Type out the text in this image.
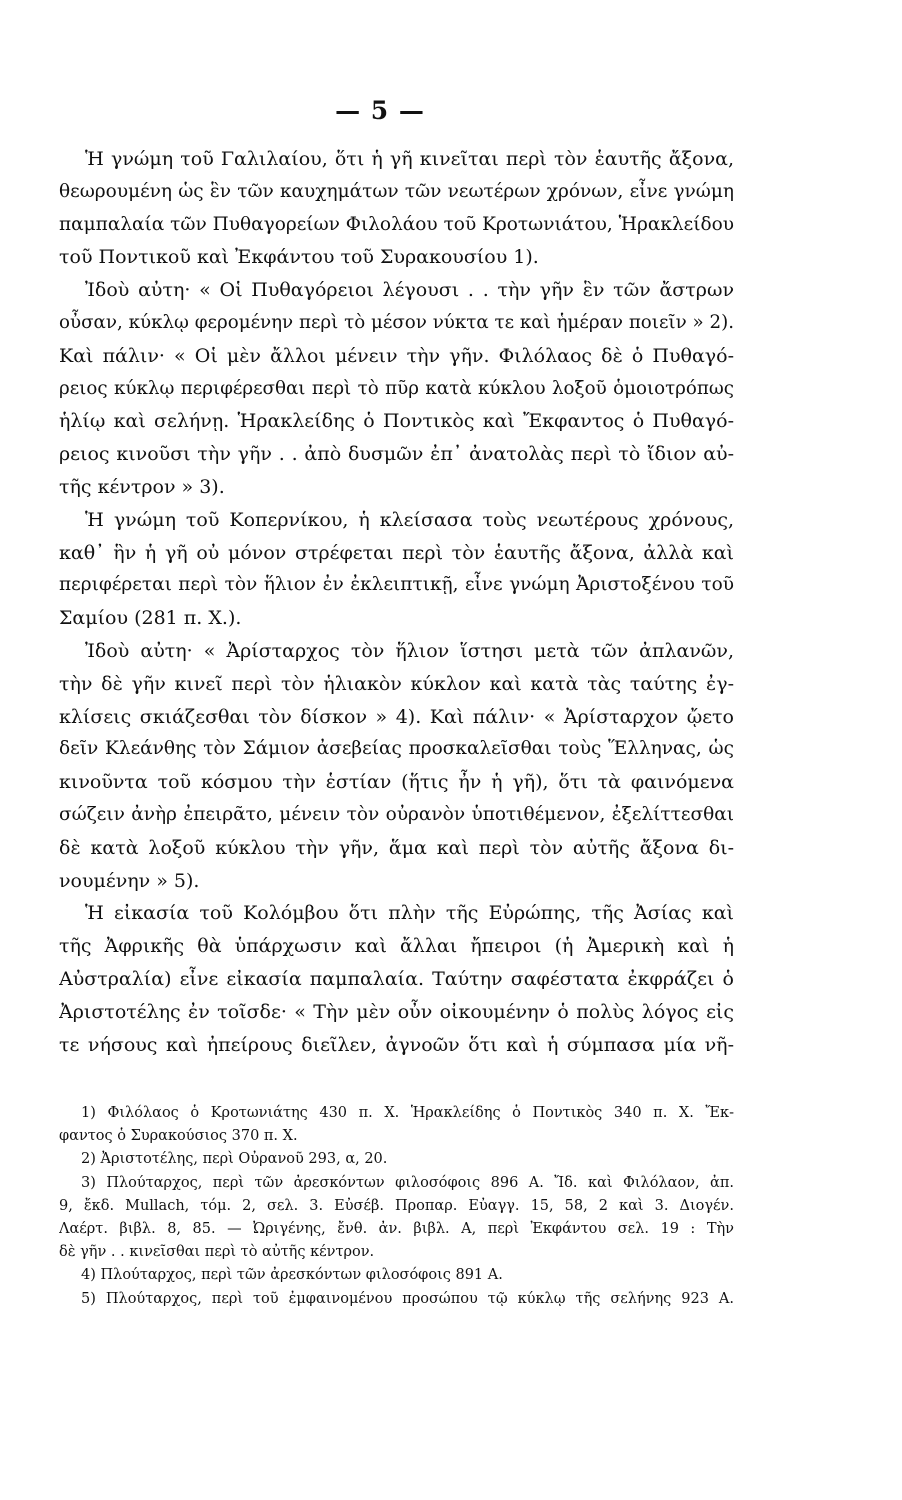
— 5 —
Ἡ γνώμη τοῦ Γαλιλαίου, ὅτι ἡ γῆ κινεῖται περὶ τὸν ἑαυτῆς ἄξονα,
θεωρουμένη ὡς ἓν τῶν καυχημάτων τῶν νεωτέρων χρόνων, εἶνε γνώμη
παμπαλαία τῶν Πυθαγορείων Φιλολάου τοῦ Κροτωνιάτου, Ἡρακλείδου
τοῦ Ποντικοῦ καὶ Ἐκφάντου τοῦ Συρακουσίου 1).
Ἰδοὺ αὐτη· « Οἱ Πυθαγόρειοι λέγουσι . . τὴν γῆν ἓν τῶν ἄστρων
οὖσαν, κύκλῳ φερομένην περὶ τὸ μέσον νύκτα τε καὶ ἡμέραν ποιεῖν » 2).
Καὶ πάλιν· « Οἱ μὲν ἄλλοι μένειν τὴν γῆν. Φιλόλαος δὲ ὁ Πυθαγό-
ρειος κύκλῳ περιφέρεσθαι περὶ τὸ πῦρ κατὰ κύκλου λοξοῦ ὁμοιοτρόπως
ἡλίῳ καὶ σελήνῃ. Ἡρακλείδης ὁ Ποντικὸς καὶ Ἔκφαντος ὁ Πυθαγό-
ρειος κινοῦσι τὴν γῆν . . ἀπὸ δυσμῶν ἐπ᾽ ἀνατολὰς περὶ τὸ ἴδιον αὐ-
τῆς κέντρον » 3).
Ἡ γνώμη τοῦ Κοπερνίκου, ἡ κλείσασα τοὺς νεωτέρους χρόνους,
καθ᾽ ἣν ἡ γῆ οὐ μόνον στρέφεται περὶ τὸν ἑαυτῆς ἄξονα, ἀλλὰ καὶ
περιφέρεται περὶ τὸν ἥλιον ἐν ἐκλειπτικῇ, εἶνε γνώμη Ἀριστοξένου τοῦ
Σαμίου (281 π. Χ.).
Ἰδοὺ αὐτη· « Ἀρίσταρχος τὸν ἥλιον ἵστησι μετὰ τῶν ἀπλανῶν,
τὴν δὲ γῆν κινεῖ περὶ τὸν ἡλιακὸν κύκλον καὶ κατὰ τὰς ταύτης ἐγ-
κλίσεις σκιάζεσθαι τὸν δίσκον » 4). Καὶ πάλιν· « Ἀρίσταρχον ᾤετο
δεῖν Κλεάνθης τὸν Σάμιον ἀσεβείας προσκαλεῖσθαι τοὺς Ἕλληνας, ὡς
κινοῦντα τοῦ κόσμου τὴν ἑστίαν (ἥτις ἦν ἡ γῆ), ὅτι τὰ φαινόμενα
σώζειν ἀνὴρ ἐπειρᾶτο, μένειν τὸν οὐρανὸν ὑποτιθέμενον, ἐξελίττεσθαι
δὲ κατὰ λοξοῦ κύκλου τὴν γῆν, ἅμα καὶ περὶ τὸν αὐτῆς ἄξονα δι-
νουμένην » 5).
Ἡ εἰκασία τοῦ Κολόμβου ὅτι πλὴν τῆς Εὐρώπης, τῆς Ἀσίας καὶ
τῆς Ἀφρικῆς θὰ ὑπάρχωσιν καὶ ἄλλαι ἤπειροι (ἡ Ἀμερικὴ καὶ ἡ
Αὐστραλία) εἶνε εἰκασία παμπαλαία. Ταύτην σαφέστατα ἐκφράζει ὁ
Ἀριστοτέλης ἐν τοῖσδε· « Τὴν μὲν οὖν οἰκουμένην ὁ πολὺς λόγος εἰς
τε νήσους καὶ ἠπείρους διεῖλεν, ἀγνοῶν ὅτι καὶ ἡ σύμπασα μία νῆ-
1) Φιλόλαος ὁ Κροτωνιάτης 430 π. Χ. Ἡρακλείδης ὁ Ποντικὸς 340 π. Χ. Ἔκ-
φαντος ὁ Συρακούσιος 370 π. Χ.
2) Ἀριστοτέλης, περὶ Οὐρανοῦ 293, α, 20.
3) Πλούταρχος, περὶ τῶν ἀρεσκόντων φιλοσόφοις 896 Α. Ἴδ. καὶ Φιλόλαον, ἀπ.
9, ἔκδ. Mullach, τόμ. 2, σελ. 3. Εὐσέβ. Προπαρ. Εὐαγγ. 15, 58, 2 καὶ 3. Διογέν.
Λαέρτ. βιβλ. 8, 85. — Ὠριγένης, ἔνθ. ἀν. βιβλ. Α, περὶ Ἐκφάντου σελ. 19 : Τὴν
δὲ γῆν . . κινεῖσθαι περὶ τὸ αὐτῆς κέντρον.
4) Πλούταρχος, περὶ τῶν ἀρεσκόντων φιλοσόφοις 891 Α.
5) Πλούταρχος, περὶ τοῦ ἐμφαινομένου προσώπου τῷ κύκλῳ τῆς σελήνης 923 Α.
